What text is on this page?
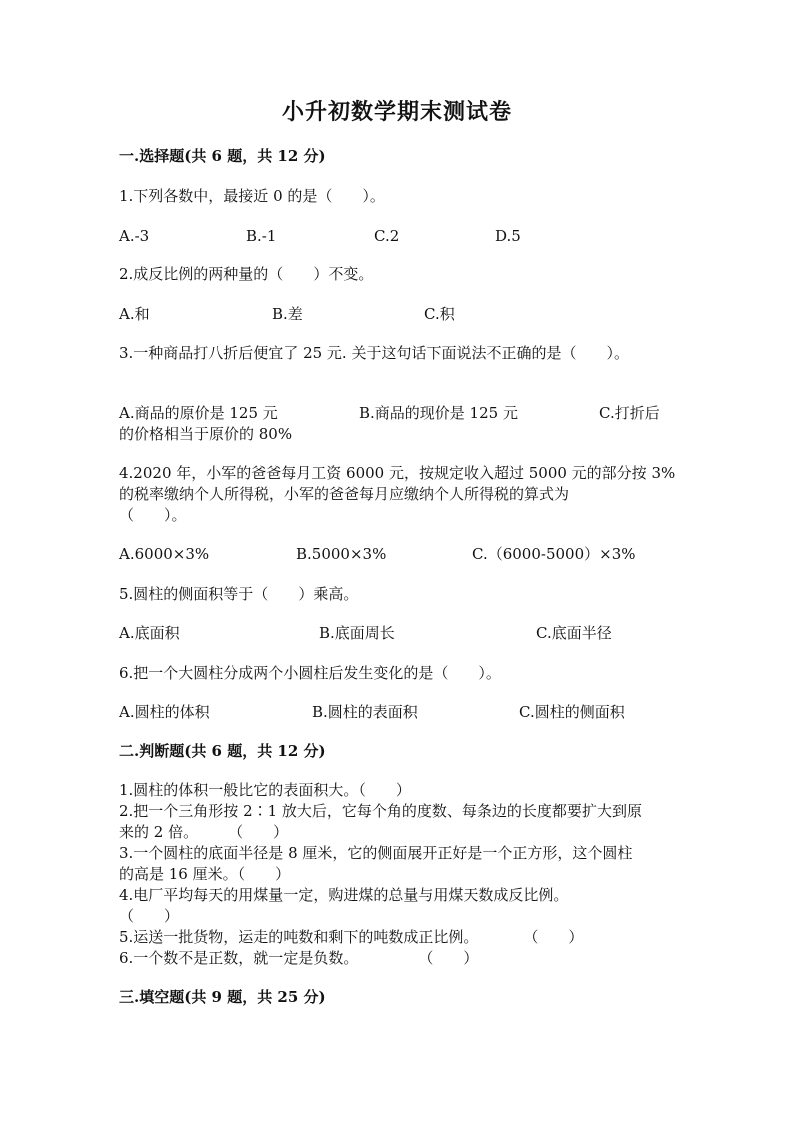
小升初数学期末测试卷
一.选择题(共 6 题，共 12 分)
1.下列各数中，最接近 0 的是（　　）。
A.-3	B.-1	C.2	D.5
2.成反比例的两种量的（　　）不变。
A.和	B.差	C.积
3.一种商品打八折后便宜了 25 元. 关于这句话下面说法不正确的是（　　）。
A.商品的原价是 125 元	B.商品的现价是 125 元	C.打折后
的价格相当于原价的 80%
4.2020 年，小军的爸爸每月工资 6000 元，按规定收入超过 5000 元的部分按 3%
的税率缴纳个人所得税，小军的爸爸每月应缴纳个人所得税的算式为
（　　）。
A.6000×3%	B.5000×3%	C.（6000-5000）×3%
5.圆柱的侧面积等于（　　）乘高。
A.底面积	B.底面周长	C.底面半径
6.把一个大圆柱分成两个小圆柱后发生变化的是（　　）。
A.圆柱的体积	B.圆柱的表面积	C.圆柱的侧面积
二.判断题(共 6 题，共 12 分)
1.圆柱的体积一般比它的表面积大。（　　）
2.把一个三角形按 2∶1 放大后，它每个角的度数、每条边的长度都要扩大到原
来的 2 倍。　　　（　　）
3.一个圆柱的底面半径是 8 厘米，它的侧面展开正好是一个正方形，这个圆柱
的高是 16 厘米。（　　）
4.电厂平均每天的用煤量一定，购进煤的总量与用煤天数成反比例。
（　　）
5.运送一批货物，运走的吨数和剩下的吨数成正比例。　　　　（　　）
6.一个数不是正数，就一定是负数。　　　　　（　　）
三.填空题(共 9 题，共 25 分)
